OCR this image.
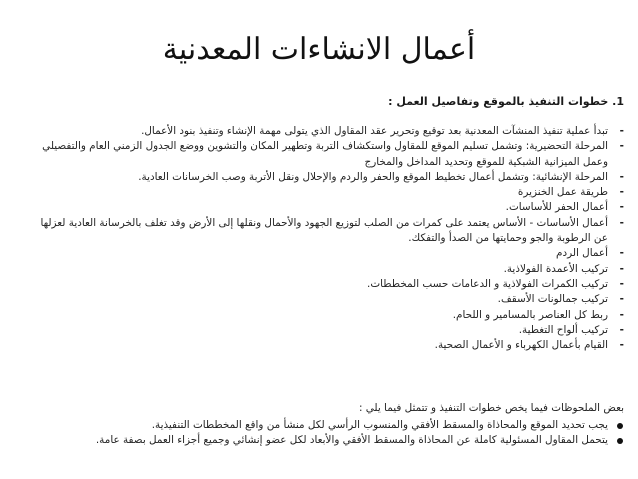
أعمال الانشاءات المعدنية
1. خطوات التنفيذ بالموقع وتفاصيل العمل :
-
تبدأ عملية تنفيذ المنشآت المعدنية بعد توقيع وتحرير عقد المقاول الذي يتولى مهمة الإنشاء وتنفيذ بنود الأعمال.
-
المرحلة التحضيرية: وتشمل تسليم الموقع للمقاول واستكشاف التربة وتطهير المكان والتشوين ووضع الجدول الزمني العام والتفصيلي وعمل الميزانية الشبكية للموقع وتحديد المداخل والمخارج
-
المرحلة الإنشائية: وتشمل أعمال تخطيط الموقع والحفر والردم والإحلال ونقل الأتربة وصب الخرسانات العادية.
-
طريقة عمل الخنزيرة
-
أعمال الحفر للأساسات.
-
أعمال الأساسات - الأساس يعتمد على كمرات من الصلب لتوزيع الجهود والأحمال ونقلها إلى الأرض وقد تغلف بالخرسانة العادية لعزلها عن الرطوبة والجو وحمايتها من الصدأ والتفكك.
-
أعمال الردم
-
تركيب الأعمدة الفولاذية.
-
تركيب الكمرات الفولاذية و الدعامات حسب المخططات.
-
تركيب جمالونات الأسقف.
-
ربط كل العناصر بالمسامير و اللحام.
-
تركيب ألواح التغطية.
-
القيام بأعمال الكهرباء و الأعمال الصحية.
بعض الملحوظات فيما يخص خطوات التنفيذ و تتمثل فيما يلي :
يجب تحديد الموقع والمحاذاة والمسقط الأفقي والمنسوب الرأسي لكل منشأ من واقع المخططات التنفيذية.
يتحمل المقاول المسئولية كاملة عن المحاذاة والمسقط الأفقي والأبعاد لكل عضو إنشائي وجميع أجزاء العمل بصفة عامة.
